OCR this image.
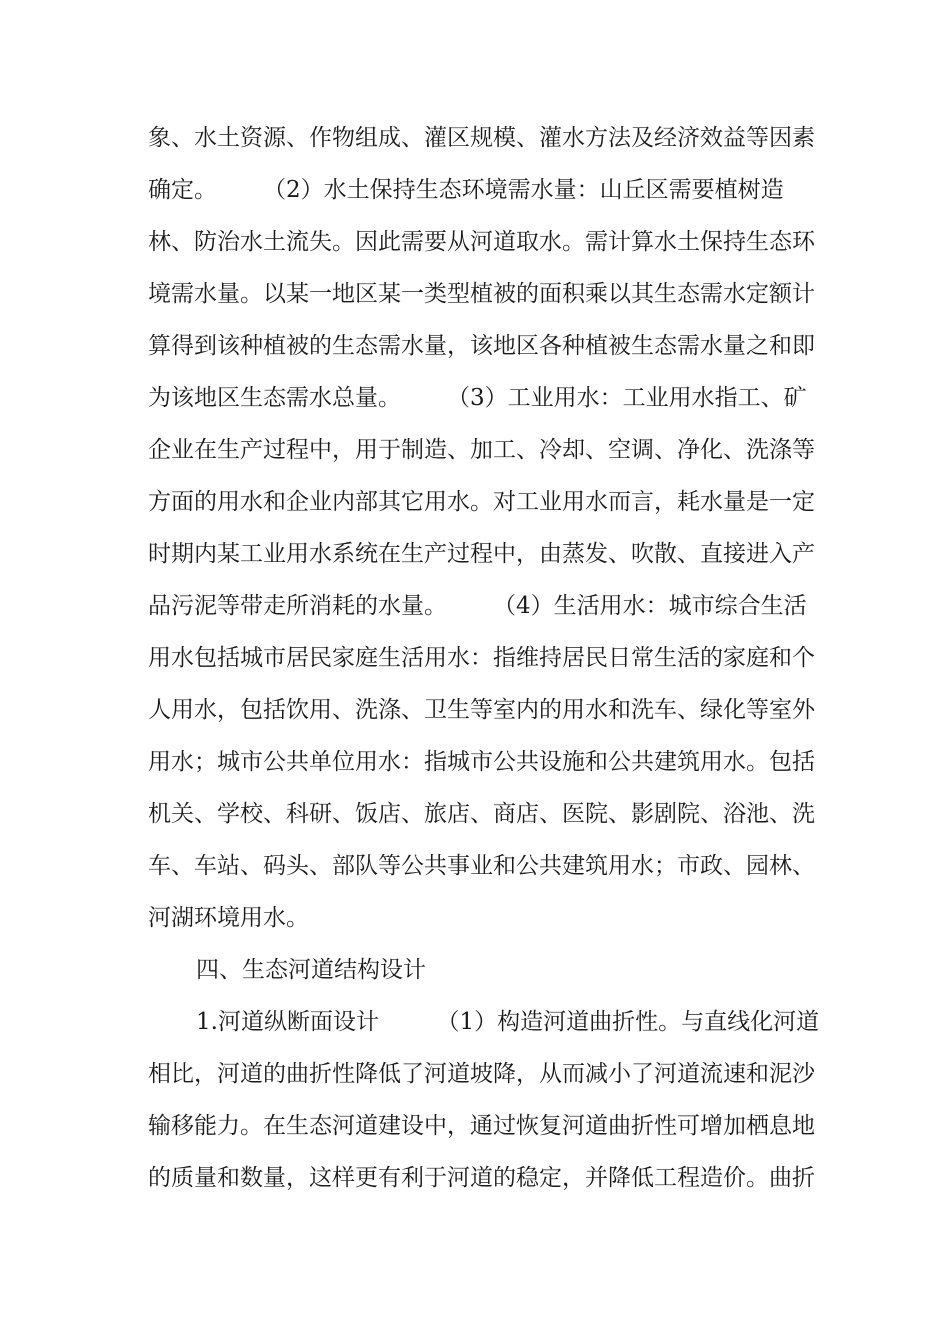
象、水土资源、作物组成、灌区规模、灌水方法及经济效益等因素
确定。　　　（2）水土保持生态环境需水量：山丘区需要植树造
林、防治水土流失。因此需要从河道取水。需计算水土保持生态环
境需水量。以某一地区某一类型植被的面积乘以其生态需水定额计
算得到该种植被的生态需水量，该地区各种植被生态需水量之和即
为该地区生态需水总量。　　　（3）工业用水：工业用水指工、矿
企业在生产过程中，用于制造、加工、冷却、空调、净化、洗涤等
方面的用水和企业内部其它用水。对工业用水而言，耗水量是一定
时期内某工业用水系统在生产过程中，由蒸发、吹散、直接进入产
品污泥等带走所消耗的水量。　　　（4）生活用水：城市综合生活
用水包括城市居民家庭生活用水：指维持居民日常生活的家庭和个
人用水，包括饮用、洗涤、卫生等室内的用水和洗车、绿化等室外
用水；城市公共单位用水：指城市公共设施和公共建筑用水。包括
机关、学校、科研、饭店、旅店、商店、医院、影剧院、浴池、洗
车、车站、码头、部队等公共事业和公共建筑用水；市政、园林、
河湖环境用水。
四、生态河道结构设计
1.河道纵断面设计　　　（1）构造河道曲折性。与直线化河道
相比，河道的曲折性降低了河道坡降，从而减小了河道流速和泥沙
输移能力。在生态河道建设中，通过恢复河道曲折性可增加栖息地
的质量和数量，这样更有利于河道的稳定，并降低工程造价。曲折
